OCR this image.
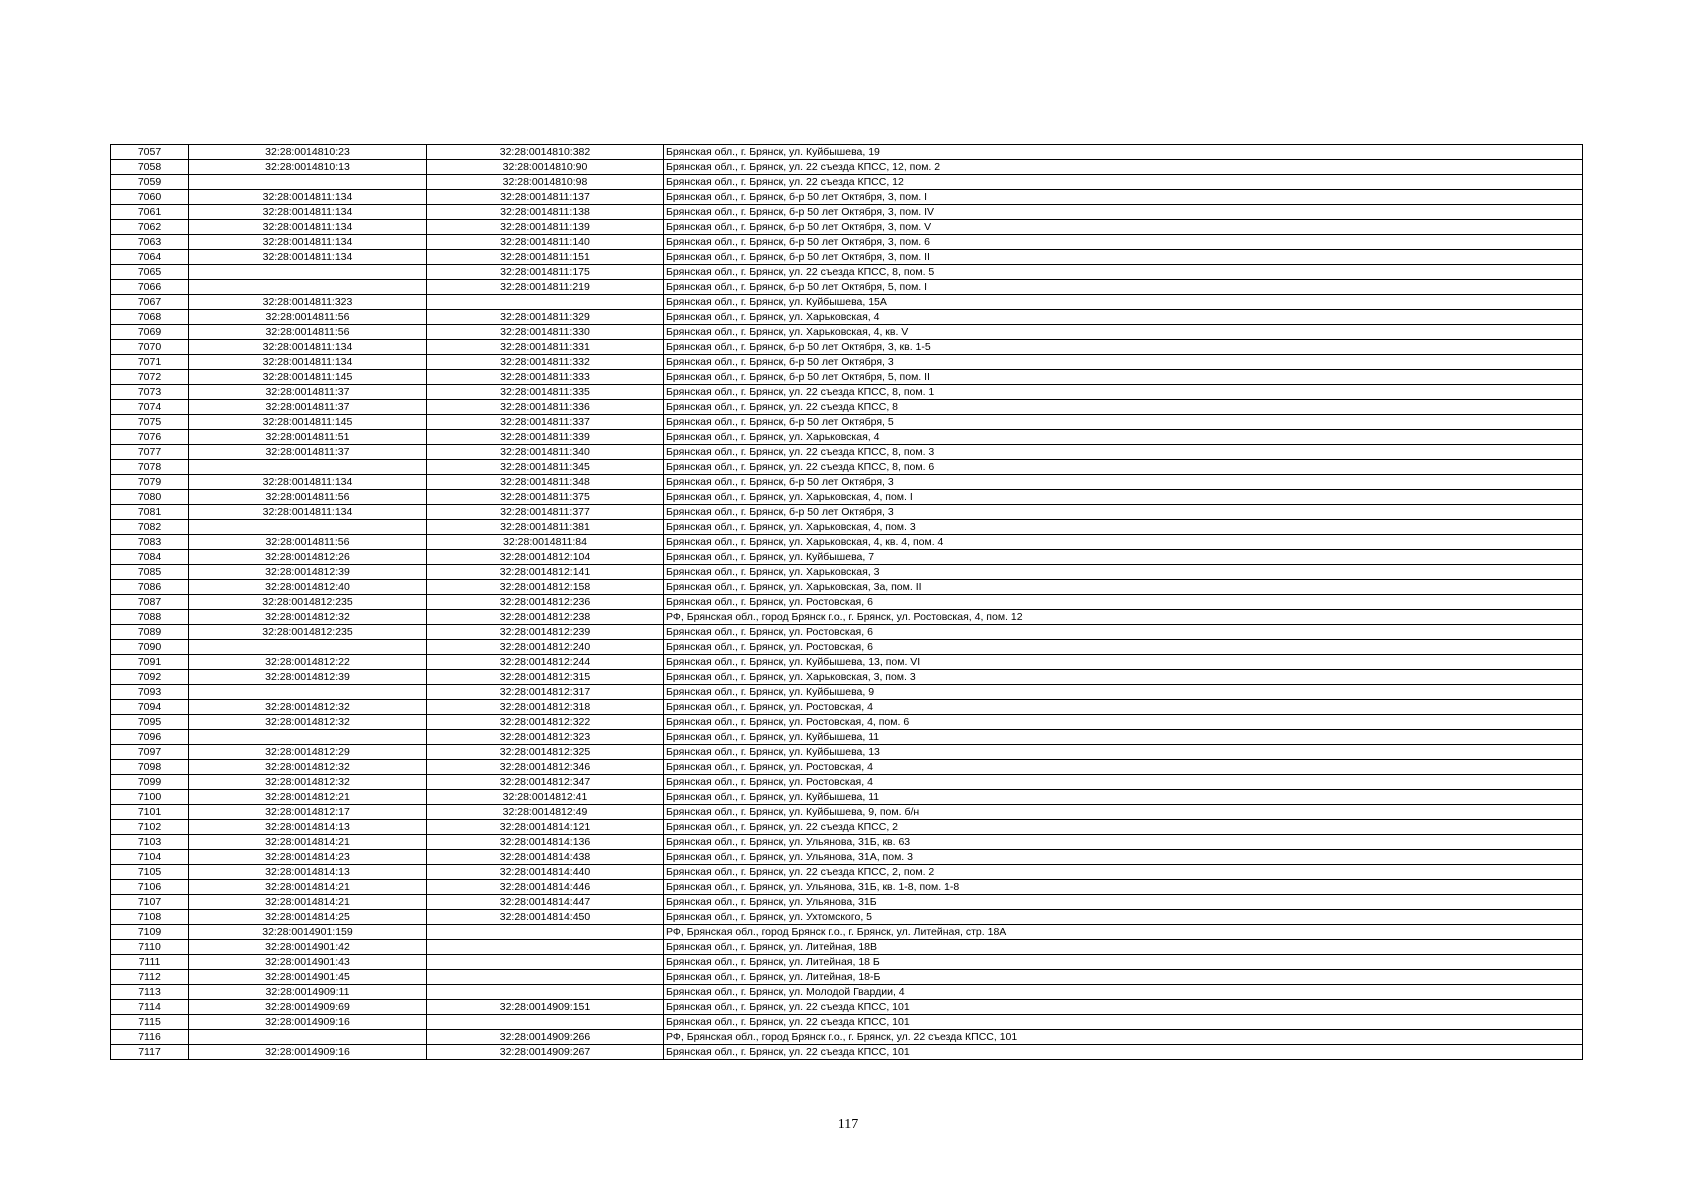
7057	32:28:0014810:23	32:28:0014810:382	Брянская обл., г. Брянск, ул. Куйбышева, 19
7058	32:28:0014810:13	32:28:0014810:90	Брянская обл., г. Брянск, ул. 22 съезда КПСС, 12, пом. 2
7059		32:28:0014810:98	Брянская обл., г. Брянск, ул. 22 съезда КПСС, 12
7060	32:28:0014811:134	32:28:0014811:137	Брянская обл., г. Брянск, б-р 50 лет Октября, 3, пом. I
7061	32:28:0014811:134	32:28:0014811:138	Брянская обл., г. Брянск, б-р 50 лет Октября, 3, пом. IV
7062	32:28:0014811:134	32:28:0014811:139	Брянская обл., г. Брянск, б-р 50 лет Октября, 3, пом. V
7063	32:28:0014811:134	32:28:0014811:140	Брянская обл., г. Брянск, б-р 50 лет Октября, 3, пом. 6
7064	32:28:0014811:134	32:28:0014811:151	Брянская обл., г. Брянск, б-р 50 лет Октября, 3, пом. II
7065		32:28:0014811:175	Брянская обл., г. Брянск, ул. 22 съезда КПСС, 8, пом. 5
7066		32:28:0014811:219	Брянская обл., г. Брянск, б-р 50 лет Октября, 5, пом. I
7067	32:28:0014811:323		Брянская обл., г. Брянск, ул. Куйбышева, 15А
7068	32:28:0014811:56	32:28:0014811:329	Брянская обл., г. Брянск, ул. Харьковская, 4
7069	32:28:0014811:56	32:28:0014811:330	Брянская обл., г. Брянск, ул. Харьковская, 4, кв. V
7070	32:28:0014811:134	32:28:0014811:331	Брянская обл., г. Брянск, б-р 50 лет Октября, 3, кв. 1-5
7071	32:28:0014811:134	32:28:0014811:332	Брянская обл., г. Брянск, б-р 50 лет Октября, 3
7072	32:28:0014811:145	32:28:0014811:333	Брянская обл., г. Брянск, б-р 50 лет Октября, 5, пом. II
7073	32:28:0014811:37	32:28:0014811:335	Брянская обл., г. Брянск, ул. 22 съезда КПСС, 8, пом. 1
7074	32:28:0014811:37	32:28:0014811:336	Брянская обл., г. Брянск, ул. 22 съезда КПСС, 8
7075	32:28:0014811:145	32:28:0014811:337	Брянская обл., г. Брянск, б-р 50 лет Октября, 5
7076	32:28:0014811:51	32:28:0014811:339	Брянская обл., г. Брянск, ул. Харьковская, 4
7077	32:28:0014811:37	32:28:0014811:340	Брянская обл., г. Брянск, ул. 22 съезда КПСС, 8, пом. 3
7078		32:28:0014811:345	Брянская обл., г. Брянск, ул. 22 съезда КПСС, 8, пом. 6
7079	32:28:0014811:134	32:28:0014811:348	Брянская обл., г. Брянск, б-р 50 лет Октября, 3
7080	32:28:0014811:56	32:28:0014811:375	Брянская обл., г. Брянск, ул. Харьковская, 4, пом. I
7081	32:28:0014811:134	32:28:0014811:377	Брянская обл., г. Брянск, б-р 50 лет Октября, 3
7082		32:28:0014811:381	Брянская обл., г. Брянск, ул. Харьковская, 4, пом. 3
7083	32:28:0014811:56	32:28:0014811:84	Брянская обл., г. Брянск, ул. Харьковская, 4, кв. 4, пом. 4
7084	32:28:0014812:26	32:28:0014812:104	Брянская обл., г. Брянск, ул. Куйбышева, 7
7085	32:28:0014812:39	32:28:0014812:141	Брянская обл., г. Брянск, ул. Харьковская, 3
7086	32:28:0014812:40	32:28:0014812:158	Брянская обл., г. Брянск, ул. Харьковская, 3а, пом. II
7087	32:28:0014812:235	32:28:0014812:236	Брянская обл., г. Брянск, ул. Ростовская, 6
7088	32:28:0014812:32	32:28:0014812:238	РФ, Брянская обл., город Брянск г.о., г. Брянск, ул. Ростовская, 4, пом. 12
7089	32:28:0014812:235	32:28:0014812:239	Брянская обл., г. Брянск, ул. Ростовская, 6
7090		32:28:0014812:240	Брянская обл., г. Брянск, ул. Ростовская, 6
7091	32:28:0014812:22	32:28:0014812:244	Брянская обл., г. Брянск, ул. Куйбышева, 13, пом. VI
7092	32:28:0014812:39	32:28:0014812:315	Брянская обл., г. Брянск, ул. Харьковская, 3, пом. 3
7093		32:28:0014812:317	Брянская обл., г. Брянск, ул. Куйбышева, 9
7094	32:28:0014812:32	32:28:0014812:318	Брянская обл., г. Брянск, ул. Ростовская, 4
7095	32:28:0014812:32	32:28:0014812:322	Брянская обл., г. Брянск, ул. Ростовская, 4, пом. 6
7096		32:28:0014812:323	Брянская обл., г. Брянск, ул. Куйбышева, 11
7097	32:28:0014812:29	32:28:0014812:325	Брянская обл., г. Брянск, ул. Куйбышева, 13
7098	32:28:0014812:32	32:28:0014812:346	Брянская обл., г. Брянск, ул. Ростовская, 4
7099	32:28:0014812:32	32:28:0014812:347	Брянская обл., г. Брянск, ул. Ростовская, 4
7100	32:28:0014812:21	32:28:0014812:41	Брянская обл., г. Брянск, ул. Куйбышева, 11
7101	32:28:0014812:17	32:28:0014812:49	Брянская обл., г. Брянск, ул. Куйбышева, 9, пом. б/н
7102	32:28:0014814:13	32:28:0014814:121	Брянская обл., г. Брянск, ул. 22 съезда КПСС, 2
7103	32:28:0014814:21	32:28:0014814:136	Брянская обл., г. Брянск, ул. Ульянова, 31Б, кв. 63
7104	32:28:0014814:23	32:28:0014814:438	Брянская обл., г. Брянск, ул. Ульянова, 31А, пом. 3
7105	32:28:0014814:13	32:28:0014814:440	Брянская обл., г. Брянск, ул. 22 съезда КПСС, 2, пом. 2
7106	32:28:0014814:21	32:28:0014814:446	Брянская обл., г. Брянск, ул. Ульянова, 31Б, кв. 1-8, пом. 1-8
7107	32:28:0014814:21	32:28:0014814:447	Брянская обл., г. Брянск, ул. Ульянова, 31Б
7108	32:28:0014814:25	32:28:0014814:450	Брянская обл., г. Брянск, ул. Ухтомского, 5
7109	32:28:0014901:159		РФ, Брянская обл., город Брянск г.о., г. Брянск, ул. Литейная, стр. 18А
7110	32:28:0014901:42		Брянская обл., г. Брянск, ул. Литейная, 18В
7111	32:28:0014901:43		Брянская обл., г. Брянск, ул. Литейная, 18 Б
7112	32:28:0014901:45		Брянская обл., г. Брянск, ул. Литейная, 18-Б
7113	32:28:0014909:11		Брянская обл., г. Брянск, ул. Молодой Гвардии, 4
7114	32:28:0014909:69	32:28:0014909:151	Брянская обл., г. Брянск, ул. 22 съезда КПСС, 101
7115	32:28:0014909:16		Брянская обл., г. Брянск, ул. 22 съезда КПСС, 101
7116		32:28:0014909:266	РФ, Брянская обл., город Брянск г.о., г. Брянск, ул. 22 съезда КПСС, 101
7117	32:28:0014909:16	32:28:0014909:267	Брянская обл., г. Брянск, ул. 22 съезда КПСС, 101
117
